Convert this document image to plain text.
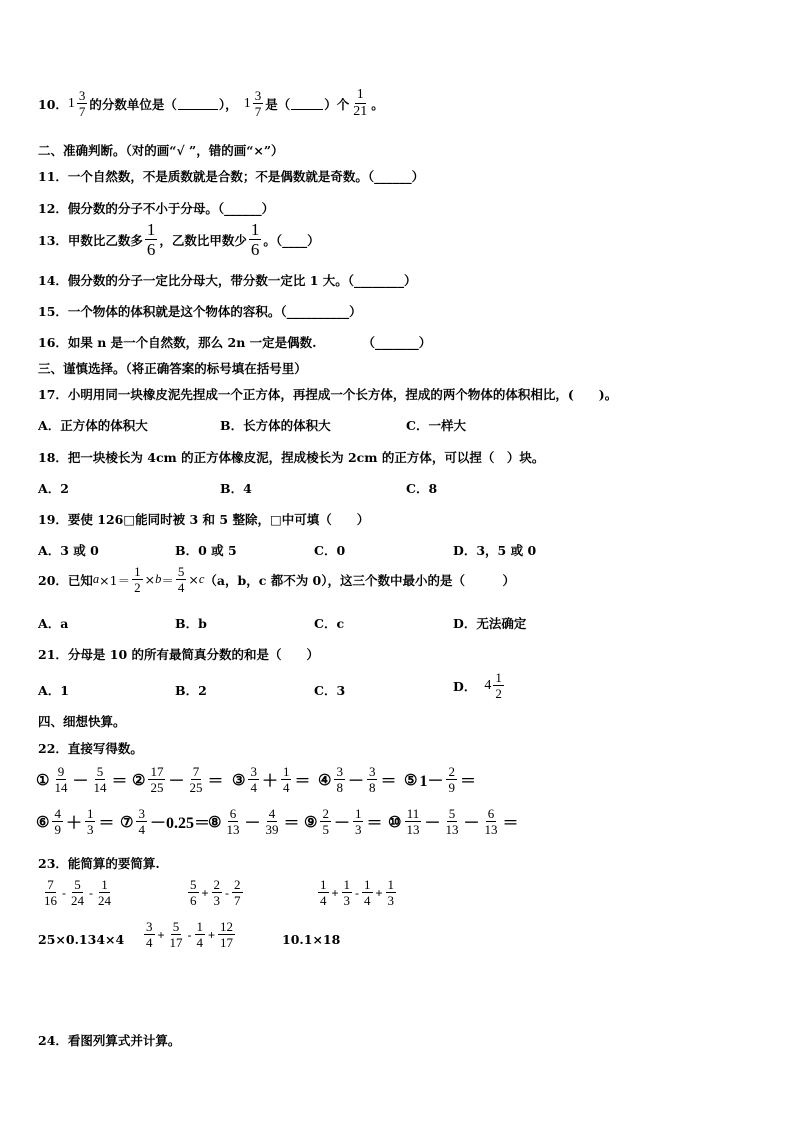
10． $1 \frac{3}{7}$ 的分数单位是（	）， $1 \frac{3}{7}$ 是（	）个 $\frac{1}{21}$ 。
二、准确判断。（对的画“√ ”，错的画“×”）
11．一个自然数，不是质数就是合数；不是偶数就是奇数。（______）
12．假分数的分子不小于分母。（______）
13．甲数比乙数多 $\frac{1}{6}$ ，乙数比甲数少 $\frac{1}{6}$ 。（____）
14．假分数的分子一定比分母大，带分数一定比 1 大。（________）
15．一个物体的体积就是这个物体的容积。（__________）
16．如果 n 是一个自然数，那么 2n 一定是偶数.	（_______）
三、谨慎选择。（将正确答案的标号填在括号里）
17．小明用同一块橡皮泥先捏成一个正方体，再捏成一个长方体，捏成的两个物体的体积相比，(　　)。
A．正方体的体积大	B．长方体的体积大	C．一样大
18．把一块棱长为 4cm 的正方体橡皮泥，捏成棱长为 2cm 的正方体，可以捏（　）块。
A．2	B．4	C．8
19．要使 126□能同时被 3 和 5 整除，□中可填（　　）
A．3 或 0	B．0 或 5	C．0	D．3，5 或 0
20．已知 $a \times 1= \frac{1}{2} \times b = \frac{5}{4} \times c$ （a，b，c 都不为 0），这三个数中最小的是（　　　）
A．a	B．b	C．c	D．无法确定
21．分母是 10 的所有最简真分数的和是（　　）
A．1	B．2	C．3	D． $4 \frac{1}{2}$
四、细想快算。
22．直接写得数。
① $\frac{9}{14} - \frac{5}{14}$ ＝ ② $\frac{17}{25} - \frac{7}{25}$ ＝ ③ $\frac{3}{4} + \frac{1}{4}$ ＝ ④ $\frac{3}{8} - \frac{3}{8}$ ＝ ⑤ $1- \frac{2}{9}$ ＝
⑥ $\frac{4}{9} + \frac{1}{3}$ ＝ ⑦ $\frac{3}{4} -0.25=$
⑧ $\frac{6}{13} - \frac{4}{39}$ ＝ ⑨ $\frac{2}{5} - \frac{1}{3}$ ＝ ⑩ $\frac{11}{13} - \frac{5}{13} - \frac{6}{13}$ ＝
23．能简算的要简算.
$\frac{7}{16} - \frac{5}{24} - \frac{1}{24}$	$\frac{5}{6} + \frac{2}{3} - \frac{2}{7}$	$\frac{1}{4} + \frac{1}{3} - \frac{1}{4} + \frac{1}{3}$
$25\times 0.134\times 4 \frac{3}{4} + \frac{5}{17} - \frac{1}{4} + \frac{12}{17}$	10.1×18
24．看图列算式并计算。
